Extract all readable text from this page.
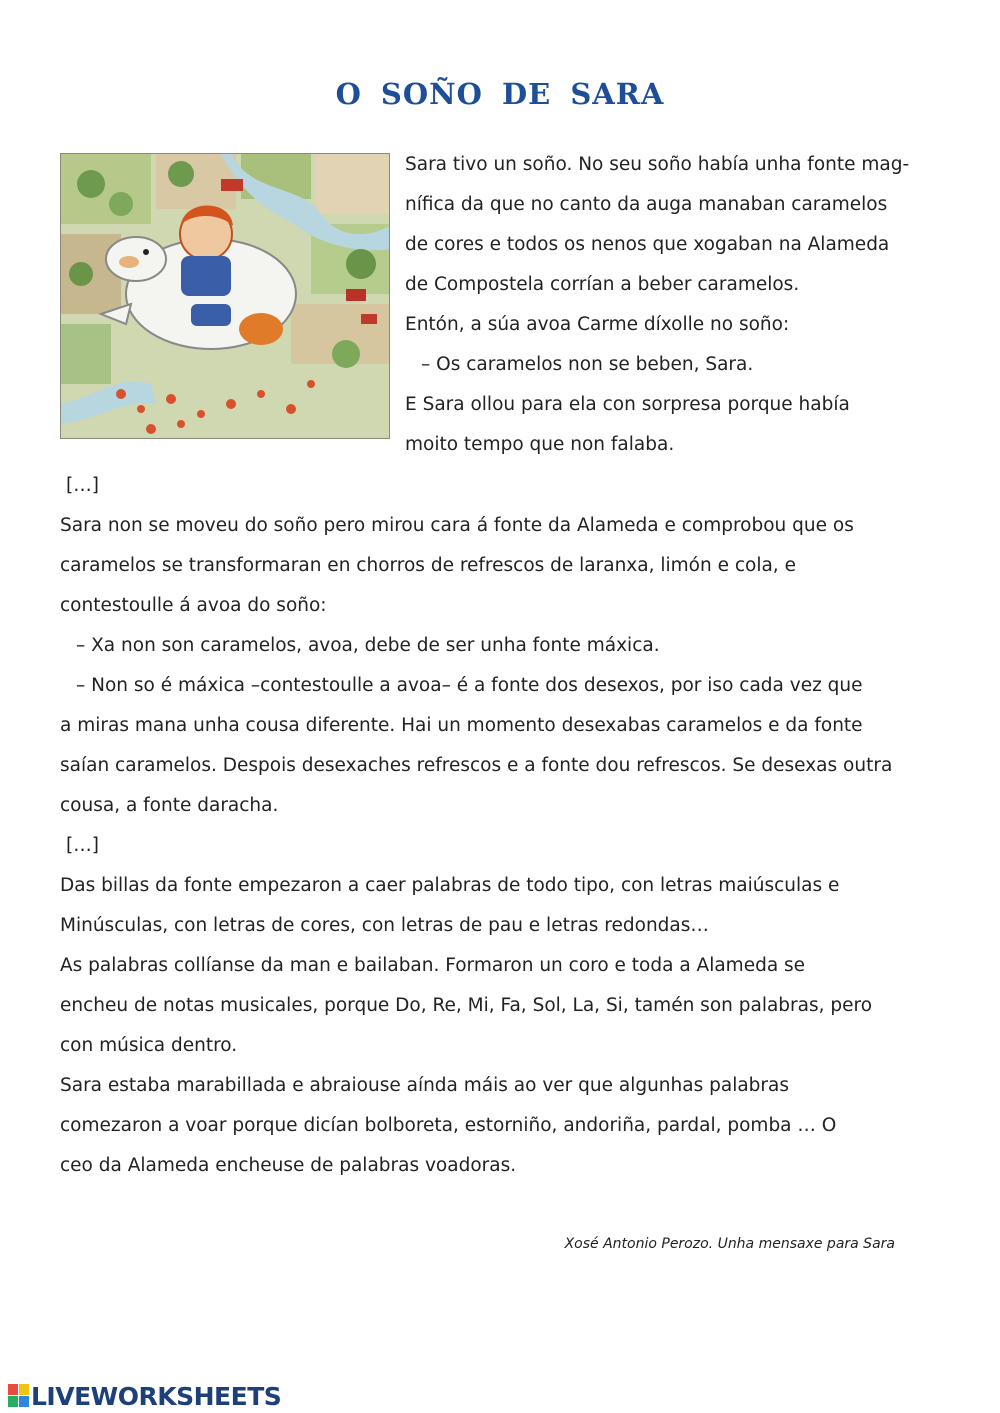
O SOÑO DE SARA

Sara tivo un soño. No seu soño había unha fonte mag-

nífica da que no canto da auga manaban caramelos

de cores e todos os nenos que xogaban na Alameda

de Compostela corrían a beber caramelos.

Entón, a súa avoa Carme díxolle no soño:

– Os caramelos non se beben, Sara.

E Sara ollou para ela con sorpresa porque había

moito tempo que non falaba.

[…]

Sara non se moveu do soño pero mirou cara á fonte da Alameda e comprobou que os

caramelos se transformaran en chorros de refrescos de laranxa, limón e cola, e

contestoulle á avoa do soño:

– Xa non son caramelos, avoa, debe de ser unha fonte máxica.

– Non so é máxica –contestoulle a avoa– é a fonte dos desexos, por iso cada vez que

a miras mana unha cousa diferente. Hai un momento desexabas caramelos e da fonte

saían caramelos. Despois desexaches refrescos e a fonte dou refrescos. Se desexas outra

cousa, a fonte daracha.

[…]

Das billas da fonte empezaron a caer palabras de todo tipo, con letras maiúsculas e

Minúsculas, con letras de cores, con letras de pau e letras redondas…

As palabras collíanse da man e bailaban. Formaron un coro e toda a Alameda se

encheu de notas musicales, porque Do, Re, Mi, Fa, Sol, La, Si, tamén son palabras, pero

con música dentro.

Sara estaba marabillada e abraiouse aínda máis ao ver que algunhas palabras

comezaron a voar porque dicían bolboreta, estorniño, andoriña, pardal, pomba … O

ceo da Alameda encheuse de palabras voadoras.

Xosé Antonio Perozo. Unha mensaxe para Sara
LIVEWORKSHEETS
